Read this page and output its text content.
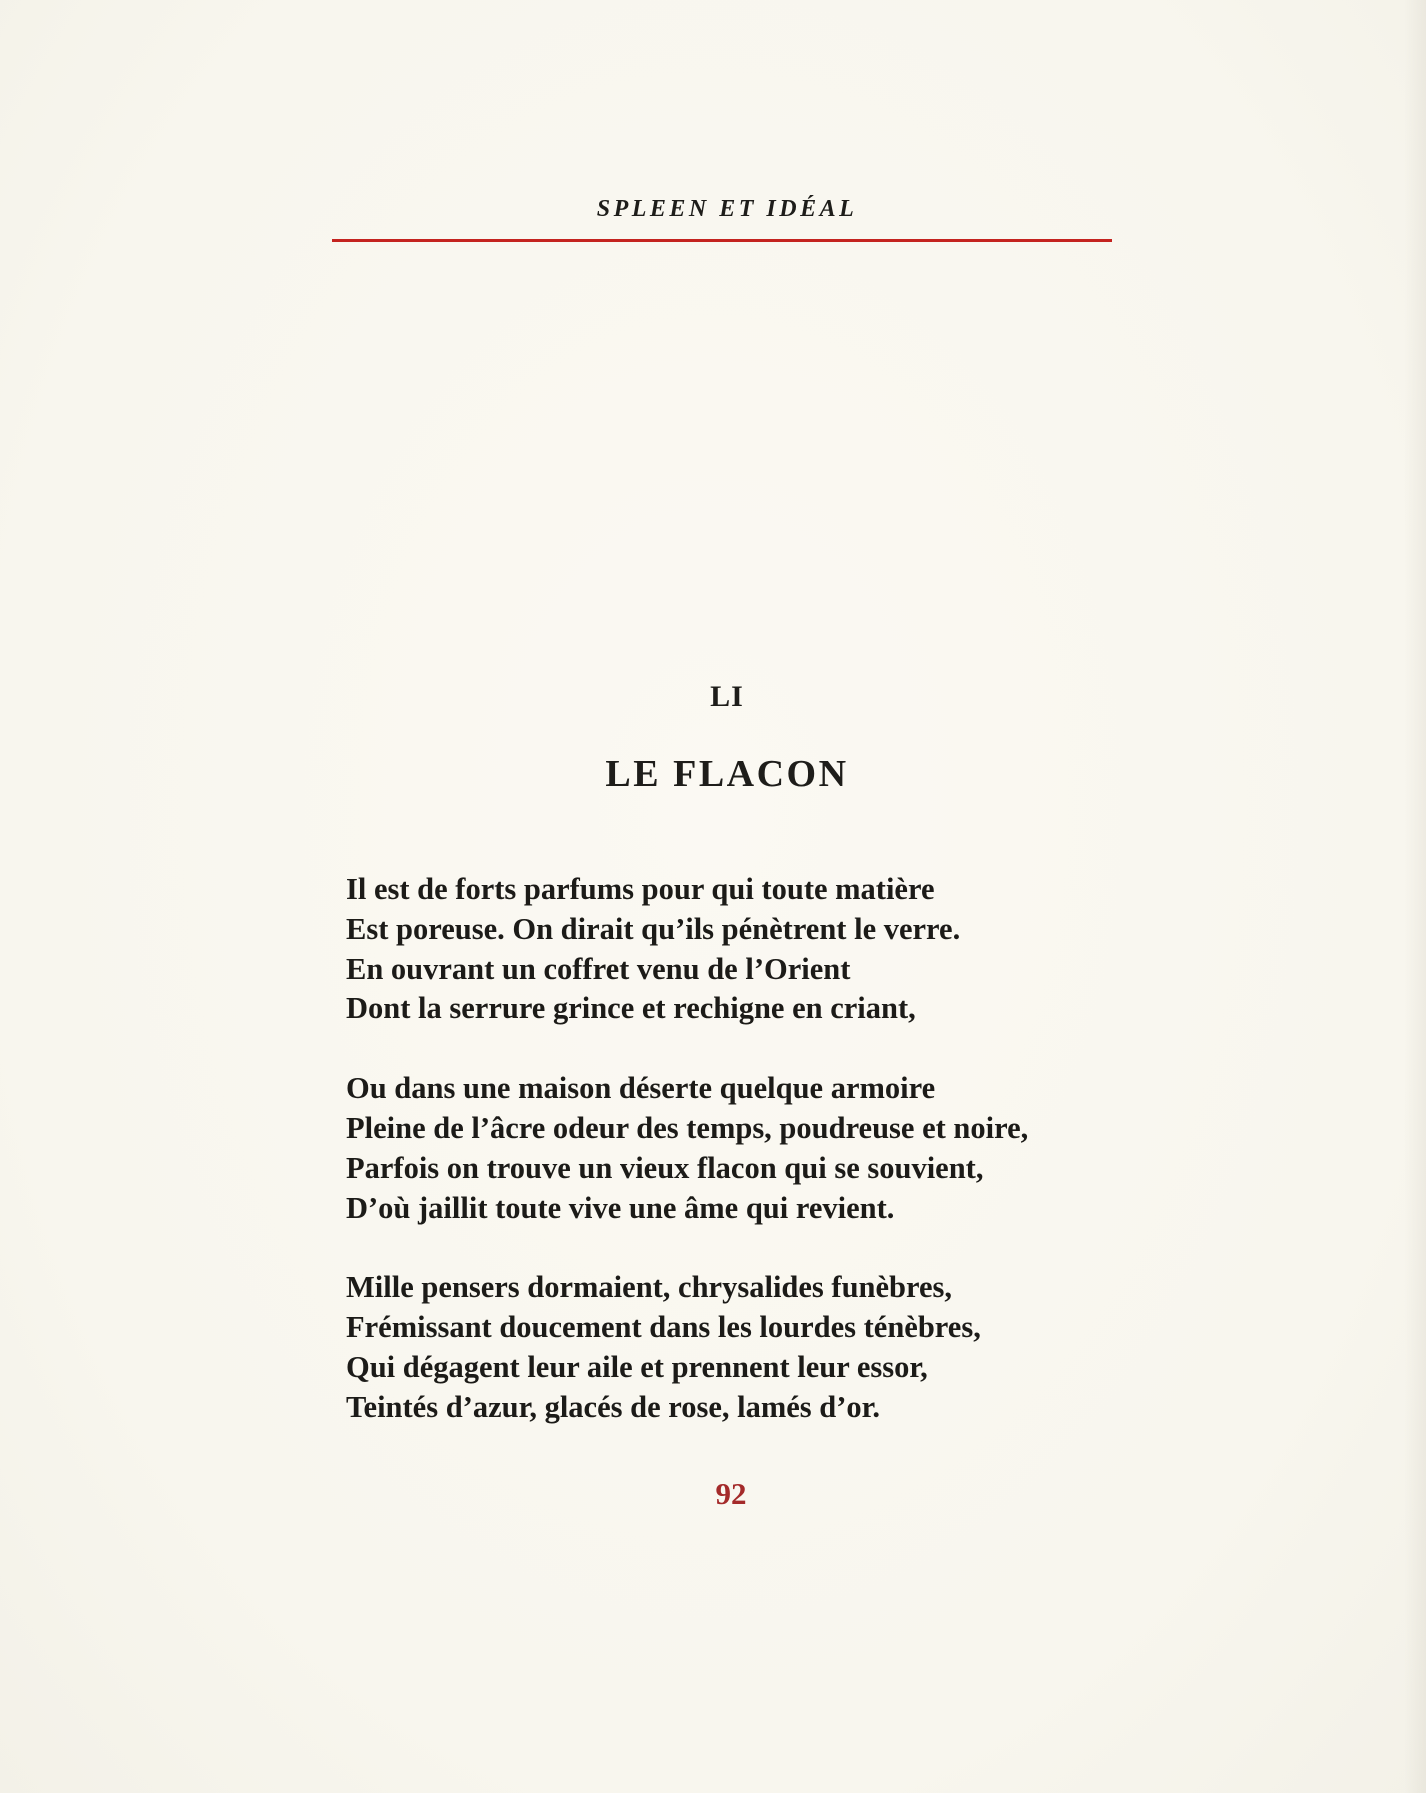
SPLEEN ET IDÉAL
LI
LE FLACON
Il est de forts parfums pour qui toute matière
Est poreuse. On dirait qu’ils pénètrent le verre.
En ouvrant un coffret venu de l’Orient
Dont la serrure grince et rechigne en criant,
Ou dans une maison déserte quelque armoire
Pleine de l’âcre odeur des temps, poudreuse et noire,
Parfois on trouve un vieux flacon qui se souvient,
D’où jaillit toute vive une âme qui revient.
Mille pensers dormaient, chrysalides funèbres,
Frémissant doucement dans les lourdes ténèbres,
Qui dégagent leur aile et prennent leur essor,
Teintés d’azur, glacés de rose, lamés d’or.
92
